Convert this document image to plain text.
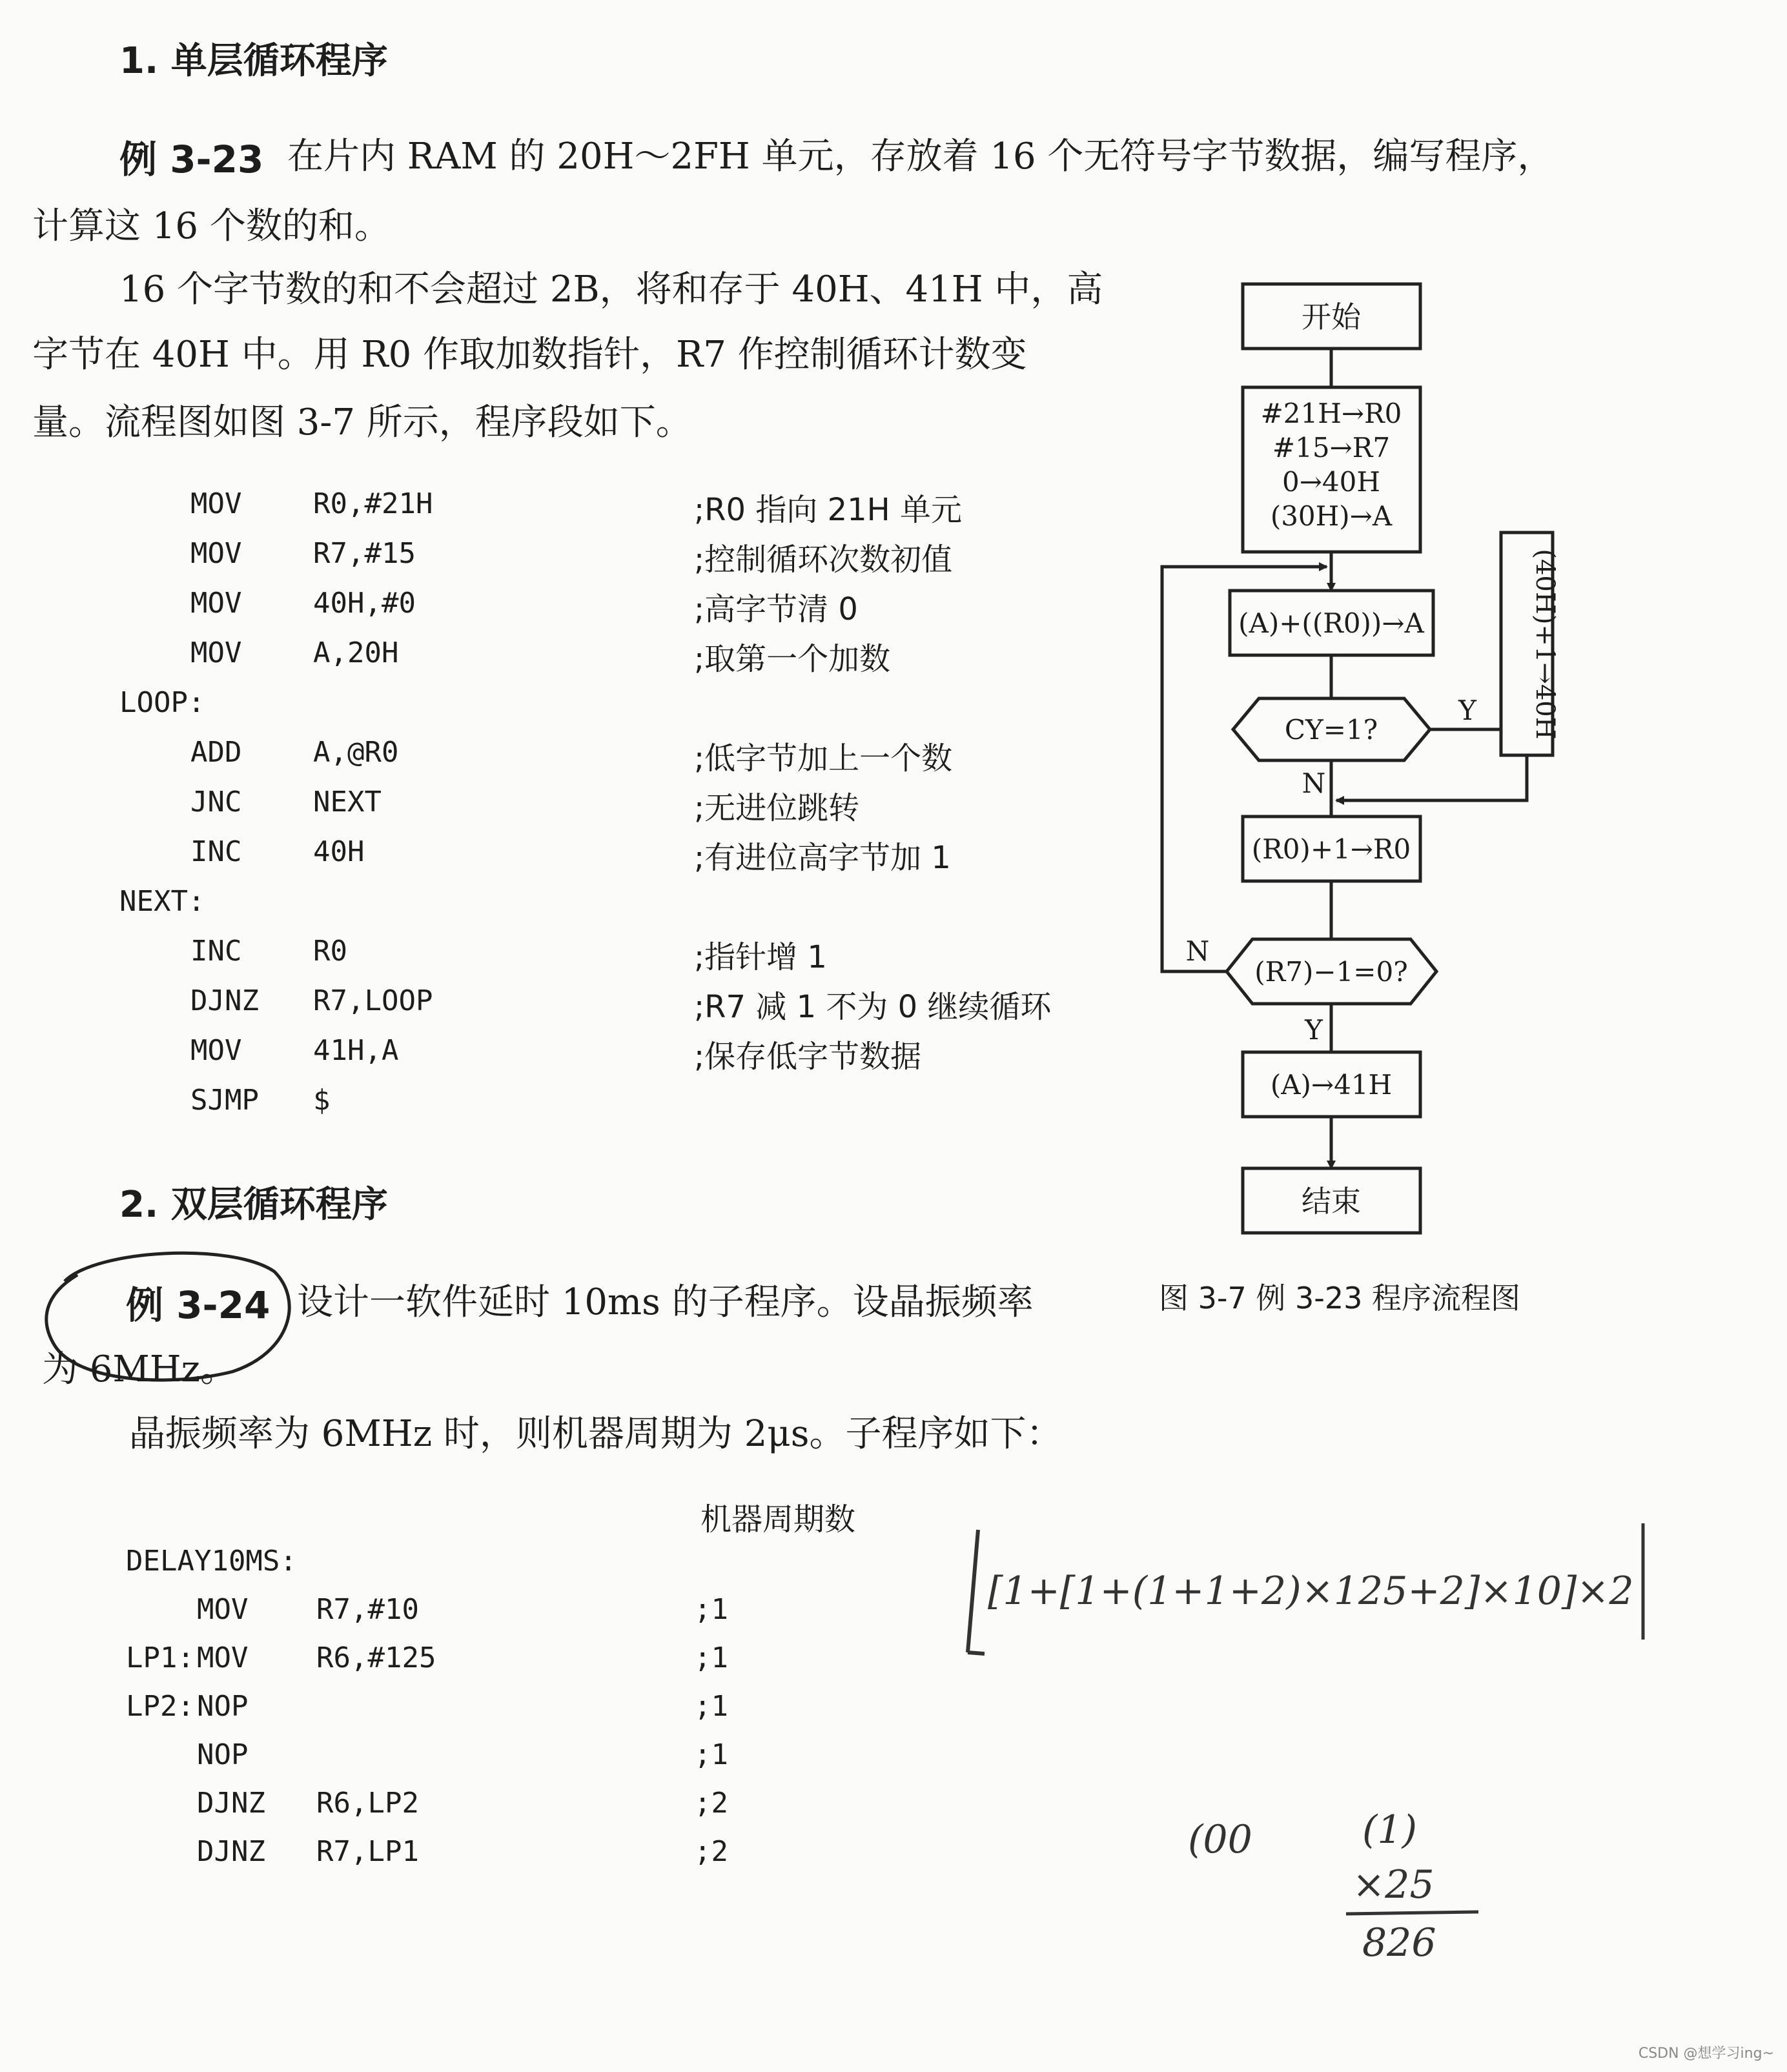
1. 单层循环程序
例 3-23 在片内 RAM 的 20H～2FH 单元，存放着 16 个无符号字节数据，编写程序，
计算这 16 个数的和。
16 个字节数的和不会超过 2B，将和存于 40H、41H 中，高
字节在 40H 中。用 R0 作取加数指针，R7 作控制循环计数变
量。流程图如图 3-7 所示，程序段如下。
MOV	R0,#21H	;R0 指向 21H 单元
MOV	R7,#15	;控制循环次数初值
MOV	40H,#0	;高字节清 0
MOV	A,20H	;取第一个加数
LOOP:
ADD	A,@R0	;低字节加上一个数
JNC	NEXT	;无进位跳转
INC	40H	;有进位高字节加 1
NEXT:
INC	R0	;指针增 1
DJNZ R7,LOOP	;R7 减 1 不为 0 继续循环
MOV	41H,A	;保存低字节数据
SJMP $
开始
#21H→R0
#15→R7
0→40H
(30H)→A
(A)+((R0))→A
CY=1?	(40H)+1→40H
(R0)+1→R0
(R7)−1=0?
(A)→41H
结束
Y
N
N
Y
图 3-7 例 3-23 程序流程图
2. 双层循环程序
例 3-24 设计一软件延时 10ms 的子程序。设晶振频率
为 6MHz。
晶振频率为 6MHz 时，则机器周期为 2μs。子程序如下：
机器周期数
DELAY10MS:
MOV R7,#10	;1
LP1: MOV R6,#125	;1
LP2: NOP	;1
NOP	;1
DJNZ R6,LP2	;2
DJNZ R7,LP1	;2
[1+[1+(1+1+2)×125+2]×10]×2
(00	(1)
×25
826
CSDN @想学习ing~
